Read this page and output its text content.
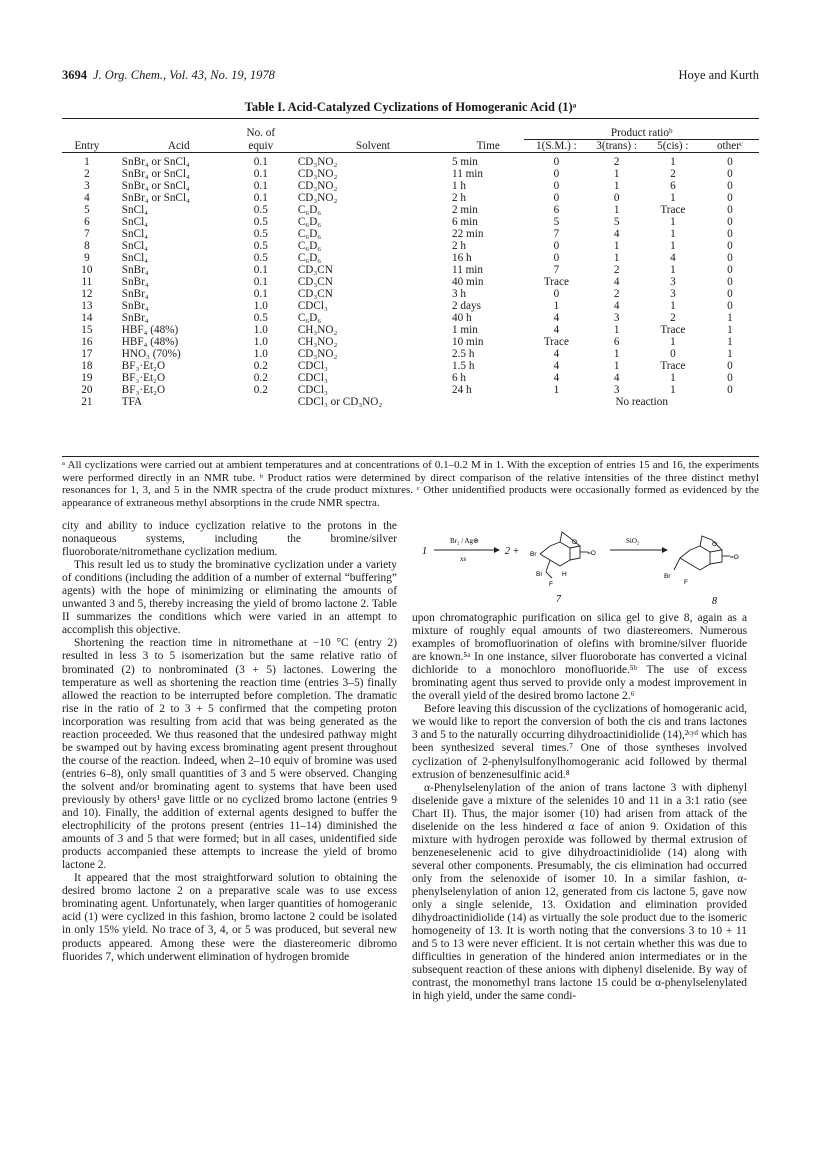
3694 J. Org. Chem., Vol. 43, No. 19, 1978	Hoye and Kurth
Table I. Acid-Catalyzed Cyclizations of Homogeranic Acid (1)ᵃ
		No. of			Product ratioᵇ			
Entry	Acid	equiv	Solvent	Time	1(S.M.) :	3(trans) :	5(cis) :	otherᶜ
1	SnBr₄ or SnCl₄	0.1	CD₃NO₂	5 min	0	2	1	0
2	SnBr₄ or SnCl₄	0.1	CD₃NO₂	11 min	0	1	2	0
3	SnBr₄ or SnCl₄	0.1	CD₃NO₂	1 h	0	1	6	0
4	SnBr₄ or SnCl₄	0.1	CD₃NO₂	2 h	0	0	1	0
5	SnCl₄	0.5	C₆D₆	2 min	6	1	Trace	0
6	SnCl₄	0.5	C₆D₆	6 min	5	5	1	0
7	SnCl₄	0.5	C₆D₆	22 min	7	4	1	0
8	SnCl₄	0.5	C₆D₆	2 h	0	1	1	0
9	SnCl₄	0.5	C₆D₆	16 h	0	1	4	0
10	SnBr₄	0.1	CD₃CN	11 min	7	2	1	0
11	SnBr₄	0.1	CD₃CN	40 min	Trace	4	3	0
12	SnBr₄	0.1	CD₃CN	3 h	0	2	3	0
13	SnBr₄	1.0	CDCl₃	2 days	1	4	1	0
14	SnBr₄	0.5	C₆D₆	40 h	4	3	2	1
15	HBF₄ (48%)	1.0	CH₃NO₂	1 min	4	1	Trace	1
16	HBF₄ (48%)	1.0	CH₃NO₂	10 min	Trace	6	1	1
17	HNO₃ (70%)	1.0	CD₃NO₂	2.5 h	4	1	0	1
18	BF₃·Et₂O	0.2	CDCl₃	1.5 h	4	1	Trace	0
19	BF₃·Et₂O	0.2	CDCl₃	6 h	4	4	1	0
20	BF₃·Et₂O	0.2	CDCl₃	24 h	1	3	1	0
21	TFA		CDCl₃ or CD₃NO₂		No reaction			
ᵃ All cyclizations were carried out at ambient temperatures and at concentrations of 0.1–0.2 M in 1. With the exception of entries 15 and 16, the experiments were performed directly in an NMR tube. ᵇ Product ratios were determined by direct comparison of the relative intensities of the three distinct methyl resonances for 1, 3, and 5 in the NMR spectra of the crude product mixtures. ᶜ Other unidentified products were occasionally formed as evidenced by the appearance of extraneous methyl absorptions in the crude NMR spectra.

city and ability to induce cyclization relative to the protons in the nonaqueous systems, including the bromine/silver fluoroborate/nitromethane cyclization medium.

This result led us to study the brominative cyclization under a variety of conditions (including the addition of a number of external “buffering” agents) with the hope of minimizing or eliminating the amounts of unwanted 3 and 5, thereby increasing the yield of bromo lactone 2. Table II summarizes the conditions which were varied in an attempt to accomplish this objective.

Shortening the reaction time in nitromethane at −10 °C (entry 2) resulted in less 3 to 5 isomerization but the same relative ratio of brominated (2) to nonbrominated (3 + 5) lactones. Lowering the temperature as well as shortening the reaction time (entries 3–5) finally allowed the reaction to be interrupted before completion. The dramatic rise in the ratio of 2 to 3 + 5 confirmed that the competing proton incorporation was resulting from acid that was being generated as the reaction proceeded. We thus reasoned that the undesired pathway might be swamped out by having excess brominating agent present throughout the course of the reaction. Indeed, when 2–10 equiv of bromine was used (entries 6–8), only small quantities of 3 and 5 were observed. Changing the solvent and/or brominating agent to systems that have been used previously by others¹ gave little or no cyclized bromo lactone (entries 9 and 10). Finally, the addition of external agents designed to buffer the electrophilicity of the protons present (entries 11–14) diminished the amounts of 3 and 5 that were formed; but in all cases, unidentified side products accompanied these attempts to increase the yield of bromo lactone 2.

It appeared that the most straightforward solution to obtaining the desired bromo lactone 2 on a preparative scale was to use excess brominating agent. Unfortunately, when larger quantities of homogeranic acid (1) were cyclized in this fashion, bromo lactone 2 could be isolated in only 15% yield. No trace of 3, 4, or 5 was produced, but several new products appeared. Among these were the diastereomeric dibromo fluorides 7, which underwent elimination of hydrogen bromide

1
Br₂ / Ag⊕
xs
2 + Br
Br
F
H
O
=O
7
SiO₂
Br
F
O
=O
8

upon chromatographic purification on silica gel to give 8, again as a mixture of roughly equal amounts of two diastereomers. Numerous examples of bromofluorination of olefins with bromine/silver fluoride are known.⁵ᵃ In one instance, silver fluoroborate has converted a vicinal dichloride to a monochloro monofluoride.⁵ᵇ The use of excess brominating agent thus served to provide only a modest improvement in the overall yield of the desired bromo lactone 2.⁶

Before leaving this discussion of the cyclizations of homogeranic acid, we would like to report the conversion of both the cis and trans lactones 3 and 5 to the naturally occurring dihydroactinidiolide (14),²ᶜʸᵈ which has been synthesized several times.⁷ One of those syntheses involved cyclization of 2-phenylsulfonylhomogeranic acid followed by thermal extrusion of benzenesulfinic acid.⁸

α-Phenylselenylation of the anion of trans lactone 3 with diphenyl diselenide gave a mixture of the selenides 10 and 11 in a 3:1 ratio (see Chart II). Thus, the major isomer (10) had arisen from attack of the diselenide on the less hindered α face of anion 9. Oxidation of this mixture with hydrogen peroxide was followed by thermal extrusion of benzeneselenenic acid to give dihydroactinidiolide (14) along with several other components. Presumably, the cis elimination had occurred only from the selenoxide of isomer 10. In a similar fashion, α-phenylselenylation of anion 12, generated from cis lactone 5, gave now only a single selenide, 13. Oxidation and elimination provided dihydroactinidiolide (14) as virtually the sole product due to the isomeric homogeneity of 13. It is worth noting that the conversions 3 to 10 + 11 and 5 to 13 were never efficient. It is not certain whether this was due to difficulties in generation of the hindered anion intermediates or in the subsequent reaction of these anions with diphenyl diselenide. By way of contrast, the monomethyl trans lactone 15 could be α-phenylselenylated in high yield, under the same condi-
